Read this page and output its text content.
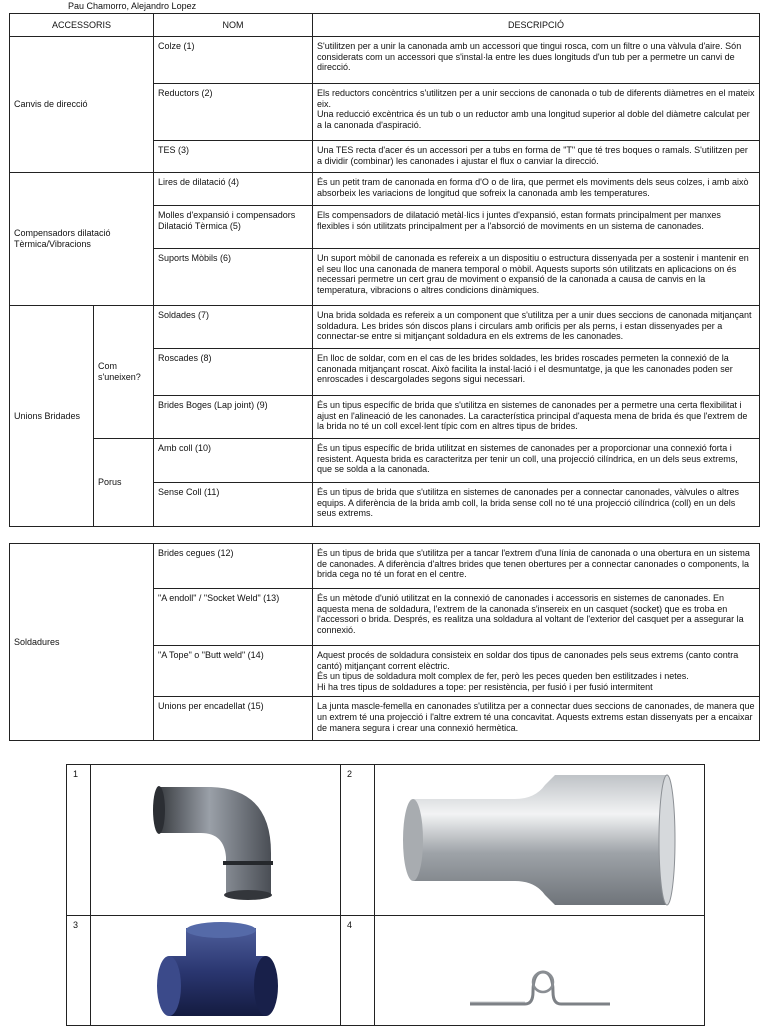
Pau Chamorro, Alejandro Lopez
ACCESSORIS		NOM	DESCRIPCIÓ
Canvis de direcció		Colze (1)	S'utilitzen per a unir la canonada amb un accessori que tingui rosca, com un filtre o una vàlvula d'aire. Són considerats com un accessori que s'instal·la entre les dues longituds d'un tub per a permetre un canvi de direcció.
		Reductors (2)	Els reductors concèntrics s'utilitzen per a unir seccions de canonada o tub de diferents diàmetres en el mateix eix.
Una reducció excèntrica és un tub o un reductor amb una longitud superior al doble del diàmetre calculat per a la canonada d'aspiració.
		TES (3)	Una TES recta d'acer és un accessori per a tubs en forma de "T" que té tres boques o ramals. S'utilitzen per a dividir (combinar) les canonades i ajustar el flux o canviar la direcció.
Compensadors dilatació Tèrmica/Vibracions		Lires de dilatació (4)	És un petit tram de canonada en forma d'O o de lira, que permet els moviments dels seus colzes, i amb això absorbeix les variacions de longitud que sofreix la canonada amb les temperatures.
		Molles d'expansió i compensadors
Dilatació Tèrmica (5)	Els compensadors de dilatació metàl·lics i juntes d'expansió, estan formats principalment per manxes flexibles i són utilitzats principalment per a l'absorció de moviments en un sistema de canonades.
		Suports Mòbils (6)	Un suport mòbil de canonada es refereix a un dispositiu o estructura dissenyada per a sostenir i mantenir en el seu lloc una canonada de manera temporal o mòbil. Aquests suports són utilitzats en aplicacions on és necessari permetre un cert grau de moviment o expansió de la canonada a causa de canvis en la temperatura, vibracions o altres condicions dinàmiques.
Unions Bridades	Com s'uneixen?	Soldades (7)	Una brida soldada es refereix a un component que s'utilitza per a unir dues seccions de canonada mitjançant soldadura. Les brides són discos plans i circulars amb orificis per als perns, i estan dissenyades per a connectar-se entre si mitjançant soldadura en els extrems de les canonades.
		Roscades (8)	En lloc de soldar, com en el cas de les brides soldades, les brides roscades permeten la connexió de la canonada mitjançant roscat. Això facilita la instal·lació i el desmuntatge, ja que les canonades poden ser enroscades i descargolades segons sigui necessari.
		Brides Boges (Lap joint) (9)	És un tipus específic de brida que s'utilitza en sistemes de canonades per a permetre una certa flexibilitat i ajust en l'alineació de les canonades. La característica principal d'aquesta mena de brida és que l'extrem de la brida no té un coll excel·lent típic com en altres tipus de brides.
	Porus	Amb coll (10)	És un tipus específic de brida utilitzat en sistemes de canonades per a proporcionar una connexió forta i resistent. Aquesta brida es caracteritza per tenir un coll, una projecció cilíndrica, en un dels seus extrems, que se solda a la canonada.
		Sense Coll (11)	És un tipus de brida que s'utilitza en sistemes de canonades per a connectar canonades, vàlvules o altres equips. A diferència de la brida amb coll, la brida sense coll no té una projecció cilíndrica (coll) en un dels seus extrems.
Soldadures	Brides cegues (12)	És un tipus de brida que s'utilitza per a tancar l'extrem d'una línia de canonada o una obertura en un sistema de canonades. A diferència d'altres brides que tenen obertures per a connectar canonades o components, la brida cega no té un forat en el centre.
	"A endoll" / "Socket Weld" (13)	És un mètode d'unió utilitzat en la connexió de canonades i accessoris en sistemes de canonades. En aquesta mena de soldadura, l'extrem de la canonada s'insereix en un casquet (socket) que es troba en l'accessori o brida. Després, es realitza una soldadura al voltant de l'exterior del casquet per a assegurar la connexió.
	"A Tope" o "Butt weld" (14)	Aquest procés de soldadura consisteix en soldar dos tipus de canonades pels seus extrems (canto contra cantó) mitjançant corrent elèctric.
És un tipus de soldadura molt complex de fer, però les peces queden ben estilitzades i netes.
Hi ha tres tipus de soldadures a tope: per resistència, per fusió i per fusió intermitent
	Unions per encadellat (15)	La junta mascle-femella en canonades s'utilitza per a connectar dues seccions de canonades, de manera que un extrem té una projecció i l'altre extrem té una concavitat. Aquests extrems estan dissenyats per a encaixar de manera segura i crear una connexió hermètica.
1		2	

3		4	
